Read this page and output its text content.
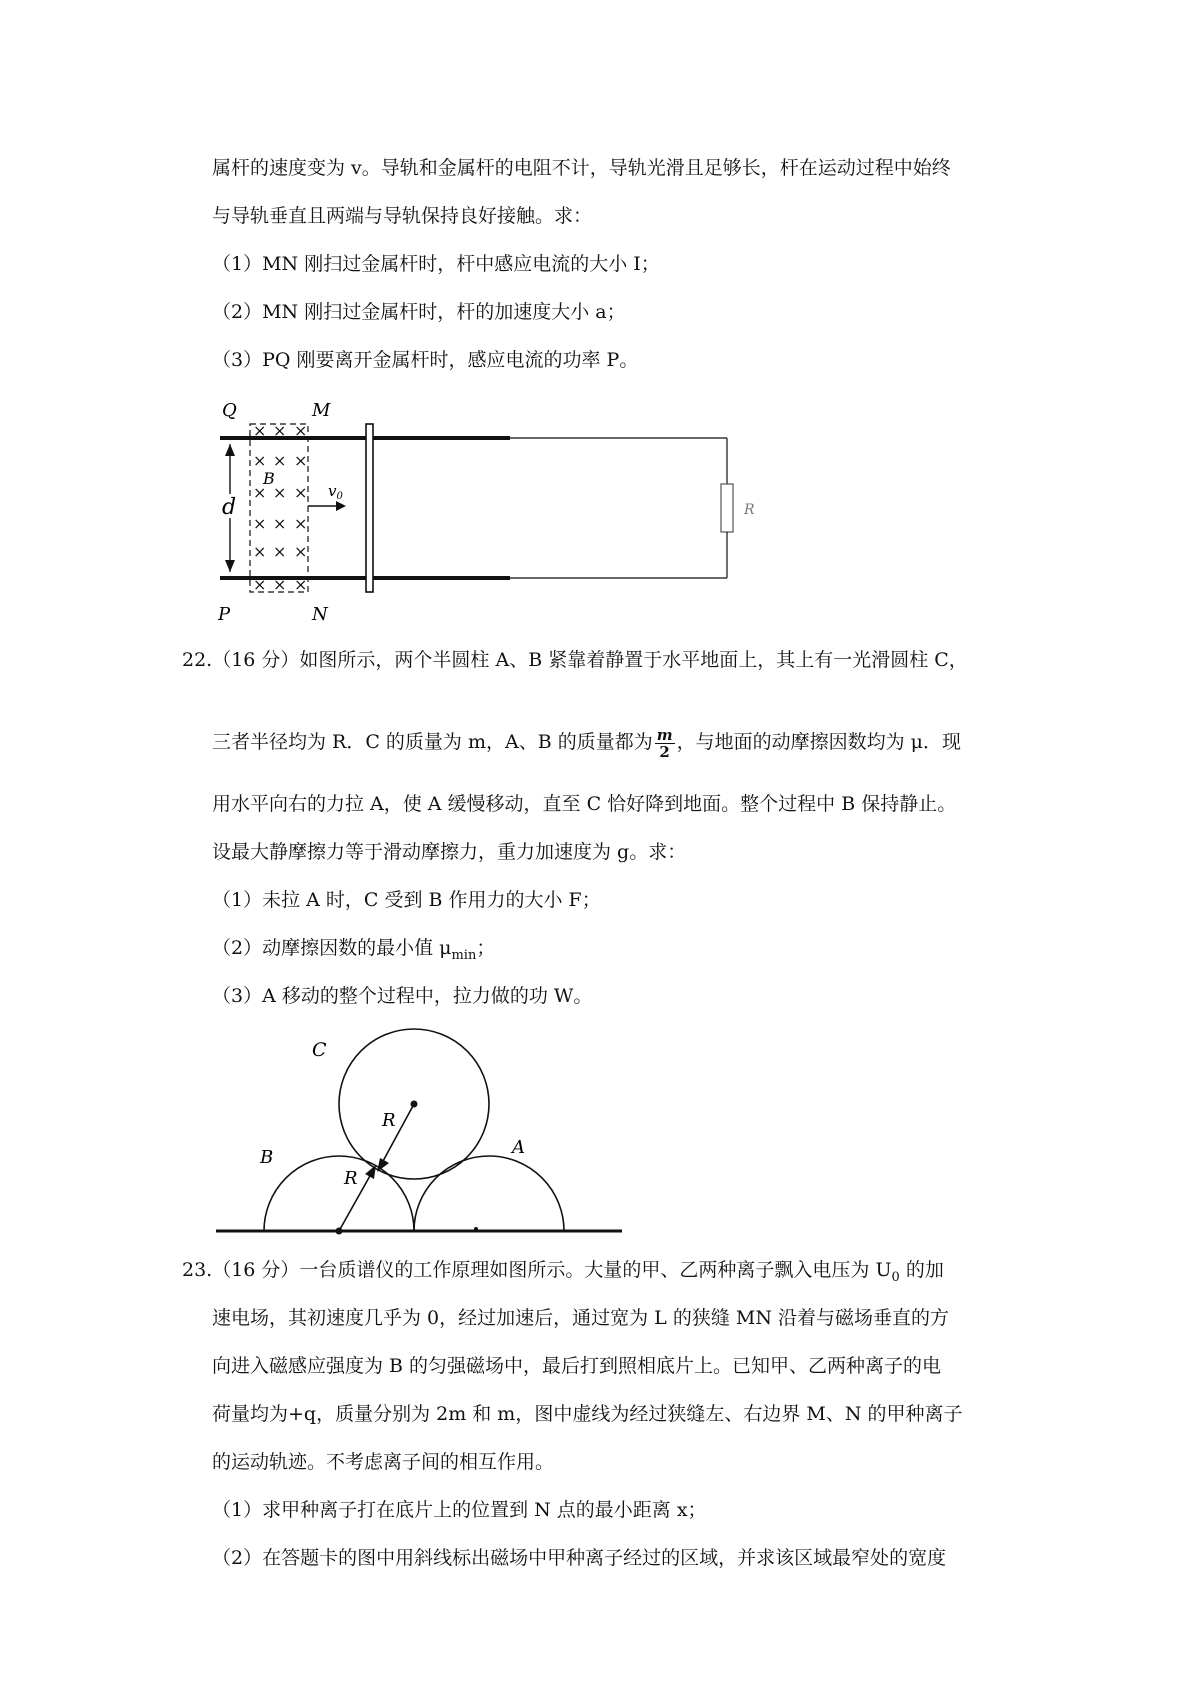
属杆的速度变为 v。导轨和金属杆的电阻不计，导轨光滑且足够长，杆在运动过程中始终
与导轨垂直且两端与导轨保持良好接触。求：
（1）MN 刚扫过金属杆时，杆中感应电流的大小 I；
（2）MN 刚扫过金属杆时，杆的加速度大小 a；
（3）PQ 刚要离开金属杆时，感应电流的功率 P。
R
× × ×
× × ×
× × ×
× × ×
× × ×
× × ×
Q	M
P	N
B
d
$v_0$
22.（16 分）如图所示，两个半圆柱 A、B 紧靠着静置于水平地面上，其上有一光滑圆柱 C，
三者半径均为 R．C 的质量为 m，A、B 的质量都为 $\frac{m}{2}$ ，与地面的动摩擦因数均为 μ．现
用水平向右的力拉 A，使 A 缓慢移动，直至 C 恰好降到地面。整个过程中 B 保持静止。
设最大静摩擦力等于滑动摩擦力，重力加速度为 g。求：
（1）未拉 A 时，C 受到 B 作用力的大小 F；
（2）动摩擦因数的最小值 $\mu_{min}$；
（3）A 移动的整个过程中，拉力做的功 W。
C
B	A
R
R
23.（16 分）一台质谱仪的工作原理如图所示。大量的甲、乙两种离子飘入电压为 $U_0$ 的加
速电场，其初速度几乎为 0，经过加速后，通过宽为 L 的狭缝 MN 沿着与磁场垂直的方
向进入磁感应强度为 B 的匀强磁场中，最后打到照相底片上。已知甲、乙两种离子的电
荷量均为+q，质量分别为 2m 和 m，图中虚线为经过狭缝左、右边界 M、N 的甲种离子
的运动轨迹。不考虑离子间的相互作用。
（1）求甲种离子打在底片上的位置到 N 点的最小距离 x；
（2）在答题卡的图中用斜线标出磁场中甲种离子经过的区域，并求该区域最窄处的宽度
